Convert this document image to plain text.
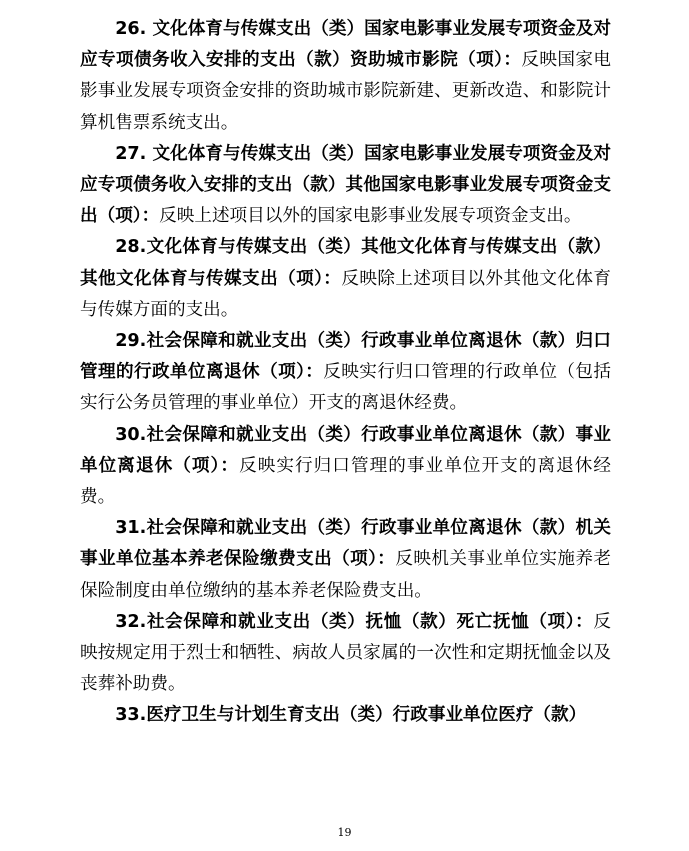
26. 文化体育与传媒支出（类）国家电影事业发展专项资金及对应专项债务收入安排的支出（款）资助城市影院（项）：反映国家电影事业发展专项资金安排的资助城市影院新建、更新改造、和影院计算机售票系统支出。

27. 文化体育与传媒支出（类）国家电影事业发展专项资金及对应专项债务收入安排的支出（款）其他国家电影事业发展专项资金支出（项）：反映上述项目以外的国家电影事业发展专项资金支出。

28.文化体育与传媒支出（类）其他文化体育与传媒支出（款）其他文化体育与传媒支出（项）：反映除上述项目以外其他文化体育与传媒方面的支出。

29.社会保障和就业支出（类）行政事业单位离退休（款）归口管理的行政单位离退休（项）：反映实行归口管理的行政单位（包括实行公务员管理的事业单位）开支的离退休经费。

30.社会保障和就业支出（类）行政事业单位离退休（款）事业单位离退休（项）：反映实行归口管理的事业单位开支的离退休经费。

31.社会保障和就业支出（类）行政事业单位离退休（款）机关事业单位基本养老保险缴费支出（项）：反映机关事业单位实施养老保险制度由单位缴纳的基本养老保险费支出。

32.社会保障和就业支出（类）抚恤（款）死亡抚恤（项）：反映按规定用于烈士和牺牲、病故人员家属的一次性和定期抚恤金以及丧葬补助费。

33.医疗卫生与计划生育支出（类）行政事业单位医疗（款）

19
